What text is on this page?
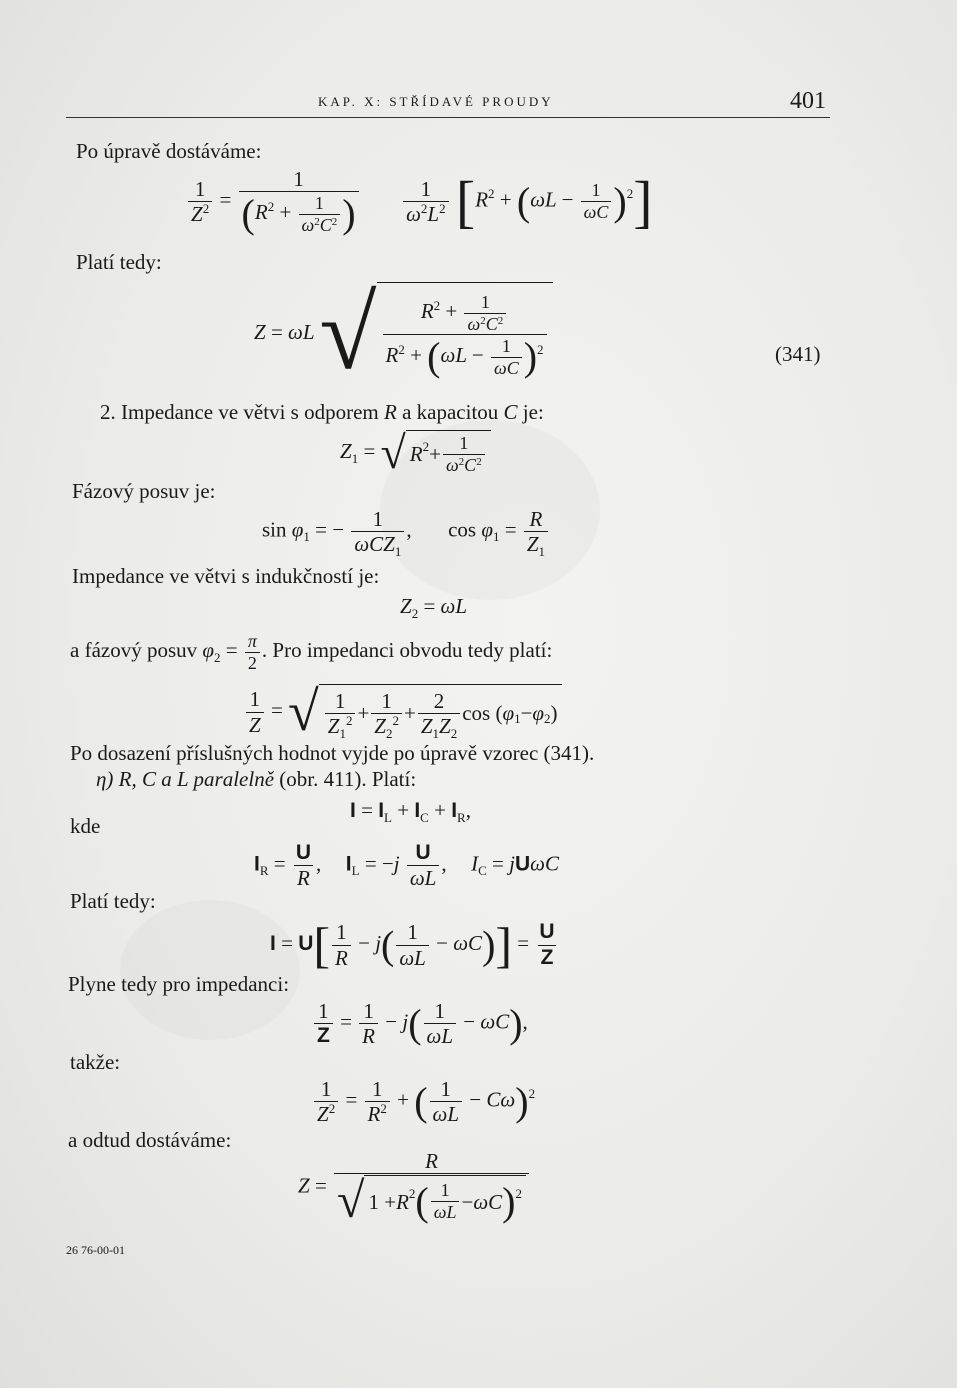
KAP. X: STŘÍDAVÉ PROUDY	401
Po úpravě dostáváme:
$\frac{1}{Z^2} = \frac{1}{(R^2 + \frac{1}{\omega^2C^2} )}$
$\frac{1}{\omega^2L^2} [R^2 + (\omega L - \frac{1}{\omega C} )^2]$
Platí tedy:
Z = ωL √ $\frac{R^2 + \frac{1}{\omega^2C^2}}{R^2 + (\omega L - \frac{1}{\omega C} )^2}$	(341)
2. Impedance ve větvi s odporem R a kapacitou C je:
$Z_1$ = √ R $2 + \frac{1}{\omega^2C^2}$
Fázový posuv je:
$\sin \varphi_1$ = − $\frac{1}{\omega CZ_1}$ , $\cos \varphi_1 = \frac{R}{Z_1}$
Impedance ve větvi s indukčností je:
$Z_2 = \omega L$
a fázový posuv $\varphi_2 = \frac{\pi}{2}$ . Pro impedanci obvodu tedy platí:
$\frac{1}{Z}$ = √ $\frac{1}{Z_1^2} + \frac{1}{Z_2^2} + \frac{2}{Z_1Z_2}$ cos ( φ 1 − φ 2 )
Po dosazení příslušných hodnot vyjde po úpravě vzorec (341).
η) R, C a L paralelně (obr. 411). Platí:
$I = I_L + I_C + I_R$,
kde
$I_R = \frac{U}{R}$ , $I_L = -j \frac{U}{\omega L}$ ,  $I_C = jU\omega C$
Platí tedy:
$I = U[ \frac{1}{R} - j( \frac{1}{\omega L} - \omega C)] = \frac{U}{Z}$
Plyne tedy pro impedanci:
$\frac{1}{Z} = \frac{1}{R} - j( \frac{1}{\omega L} - \omega C)$,
takže:
$\frac{1}{Z^2} = \frac{1}{R^2}$ + ( $\frac{1}{\omega L} - C\omega)^2$
a odtud dostáváme:
$Z = \frac{R}{√ 1 + R 2 ( \frac{1}{\omega L} - \omega C ) 2}$
26 76-00-01
